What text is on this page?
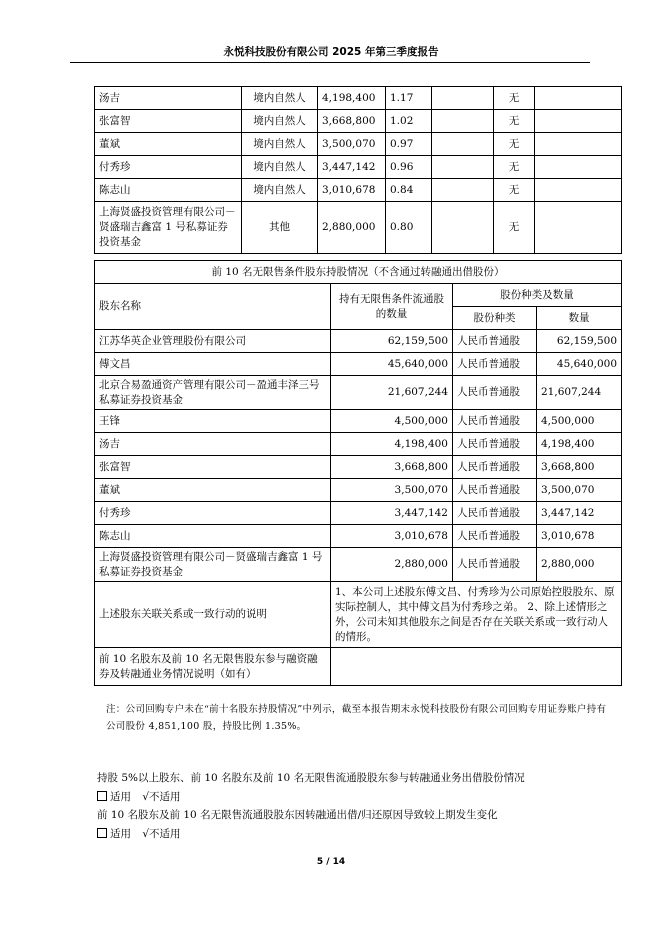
永悦科技股份有限公司 2025 年第三季度报告
汤吉	境内自然人	4,198,400	1.17		无	
张富智	境内自然人	3,668,800	1.02		无	
董斌	境内自然人	3,500,070	0.97		无	
付秀珍	境内自然人	3,447,142	0.96		无	
陈志山	境内自然人	3,010,678	0.84		无	
上海贤盛投资管理有限公司－贤盛瑞吉鑫富 1 号私募证券投资基金	其他	2,880,000	0.80		无	
前 10 名无限售条件股东持股情况（不含通过转融通出借股份）			
股东名称	持有无限售条件流通股的数量	股份种类及数量	
		股份种类	数量
江苏华英企业管理股份有限公司	62,159,500	人民币普通股	62,159,500
傅文昌	45,640,000	人民币普通股	45,640,000
北京合易盈通资产管理有限公司－盈通丰泽三号私募证券投资基金	21,607,244	人民币普通股	21,607,244
王锋	4,500,000	人民币普通股	4,500,000
汤吉	4,198,400	人民币普通股	4,198,400
张富智	3,668,800	人民币普通股	3,668,800
董斌	3,500,070	人民币普通股	3,500,070
付秀珍	3,447,142	人民币普通股	3,447,142
陈志山	3,010,678	人民币普通股	3,010,678
上海贤盛投资管理有限公司－贤盛瑞吉鑫富 1 号私募证券投资基金	2,880,000	人民币普通股	2,880,000
上述股东关联关系或一致行动的说明	1、本公司上述股东傅文昌、付秀珍为公司原始控股股东、原实际控制人，其中傅文昌为付秀珍之弟。 2、除上述情形之外，公司未知其他股东之间是否存在关联关系或一致行动人的情形。		
前 10 名股东及前 10 名无限售股东参与融资融券及转融通业务情况说明（如有）			
注：公司回购专户未在“前十名股东持股情况”中列示，截至本报告期末永悦科技股份有限公司回购专用证券账户持有公司股份 4,851,100 股，持股比例 1.35%。
持股 5%以上股东、前 10 名股东及前 10 名无限售流通股股东参与转融通业务出借股份情况
适用 √不适用
前 10 名股东及前 10 名无限售流通股股东因转融通出借/归还原因导致较上期发生变化
适用 √不适用
5 / 14
